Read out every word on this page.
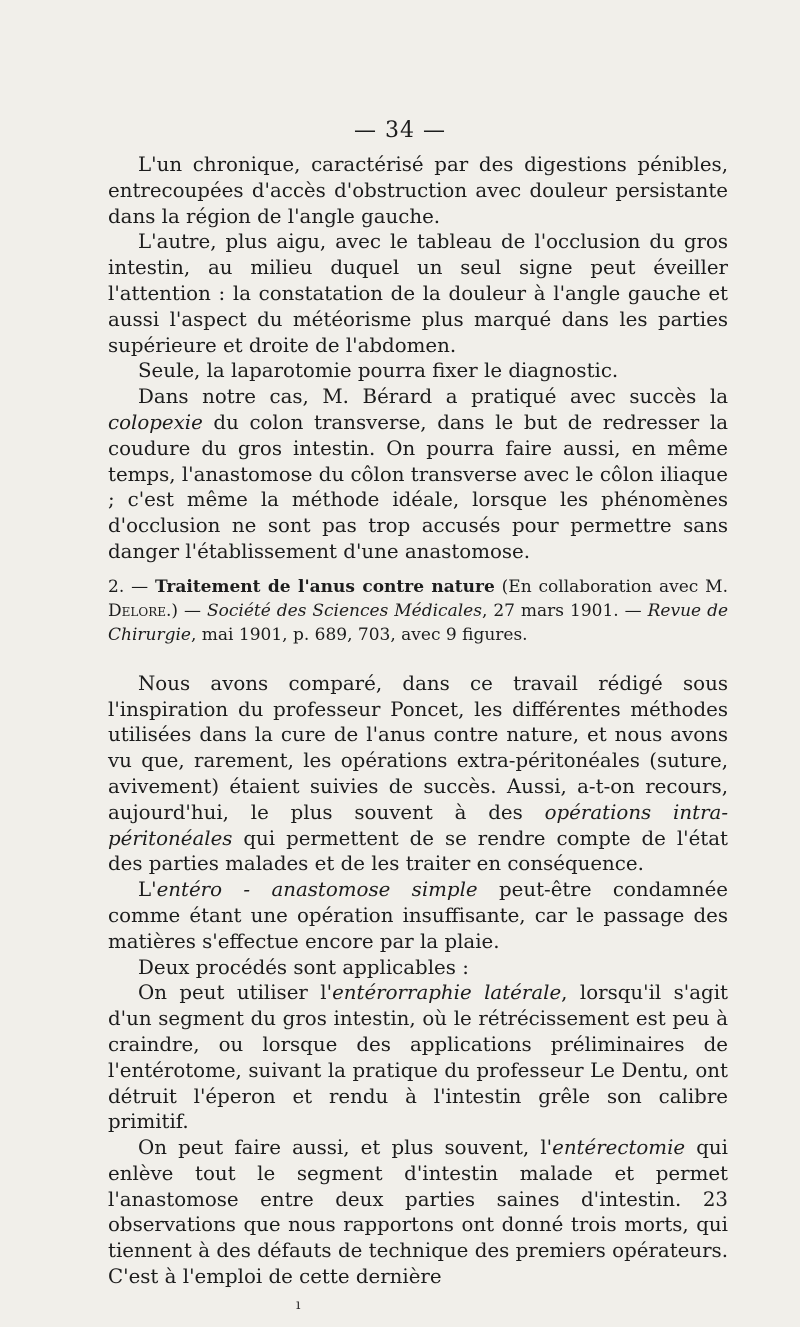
— 34 —

L'un chronique, caractérisé par des digestions pénibles, entrecoupées d'accès d'obstruction avec douleur persistante dans la région de l'angle gauche.

L'autre, plus aigu, avec le tableau de l'occlusion du gros intestin, au milieu duquel un seul signe peut éveiller l'attention : la constatation de la douleur à l'angle gauche et aussi l'aspect du météorisme plus marqué dans les parties supérieure et droite de l'abdomen.

Seule, la laparotomie pourra fixer le diagnostic.

Dans notre cas, M. Bérard a pratiqué avec succès la colopexie du colon transverse, dans le but de redresser la coudure du gros intestin. On pourra faire aussi, en même temps, l'anastomose du côlon transverse avec le côlon iliaque ; c'est même la méthode idéale, lorsque les phénomènes d'occlusion ne sont pas trop accusés pour permettre sans danger l'établissement d'une anastomose.

2. — Traitement de l'anus contre nature (En collaboration avec M. Delore.) — Société des Sciences Médicales, 27 mars 1901. — Revue de Chirurgie, mai 1901, p. 689, 703, avec 9 figures.

Nous avons comparé, dans ce travail rédigé sous l'inspiration du professeur Poncet, les différentes méthodes utilisées dans la cure de l'anus contre nature, et nous avons vu que, rarement, les opérations extra-péritonéales (suture, avivement) étaient suivies de succès. Aussi, a-t-on recours, aujourd'hui, le plus souvent à des opérations intra-péritonéales qui permettent de se rendre compte de l'état des parties malades et de les traiter en conséquence.

L'entéro - anastomose simple peut-être condamnée comme étant une opération insuffisante, car le passage des matières s'effectue encore par la plaie.

Deux procédés sont applicables :

On peut utiliser l'entérorraphie latérale, lorsqu'il s'agit d'un segment du gros intestin, où le rétrécissement est peu à craindre, ou lorsque des applications préliminaires de l'entérotome, suivant la pratique du professeur Le Dentu, ont détruit l'éperon et rendu à l'intestin grêle son calibre primitif.

On peut faire aussi, et plus souvent, l'entérectomie qui enlève tout le segment d'intestin malade et permet l'anastomose entre deux parties saines d'intestin. 23 observations que nous rapportons ont donné trois morts, qui tiennent à des défauts de technique des premiers opérateurs. C'est à l'emploi de cette dernière

ı
